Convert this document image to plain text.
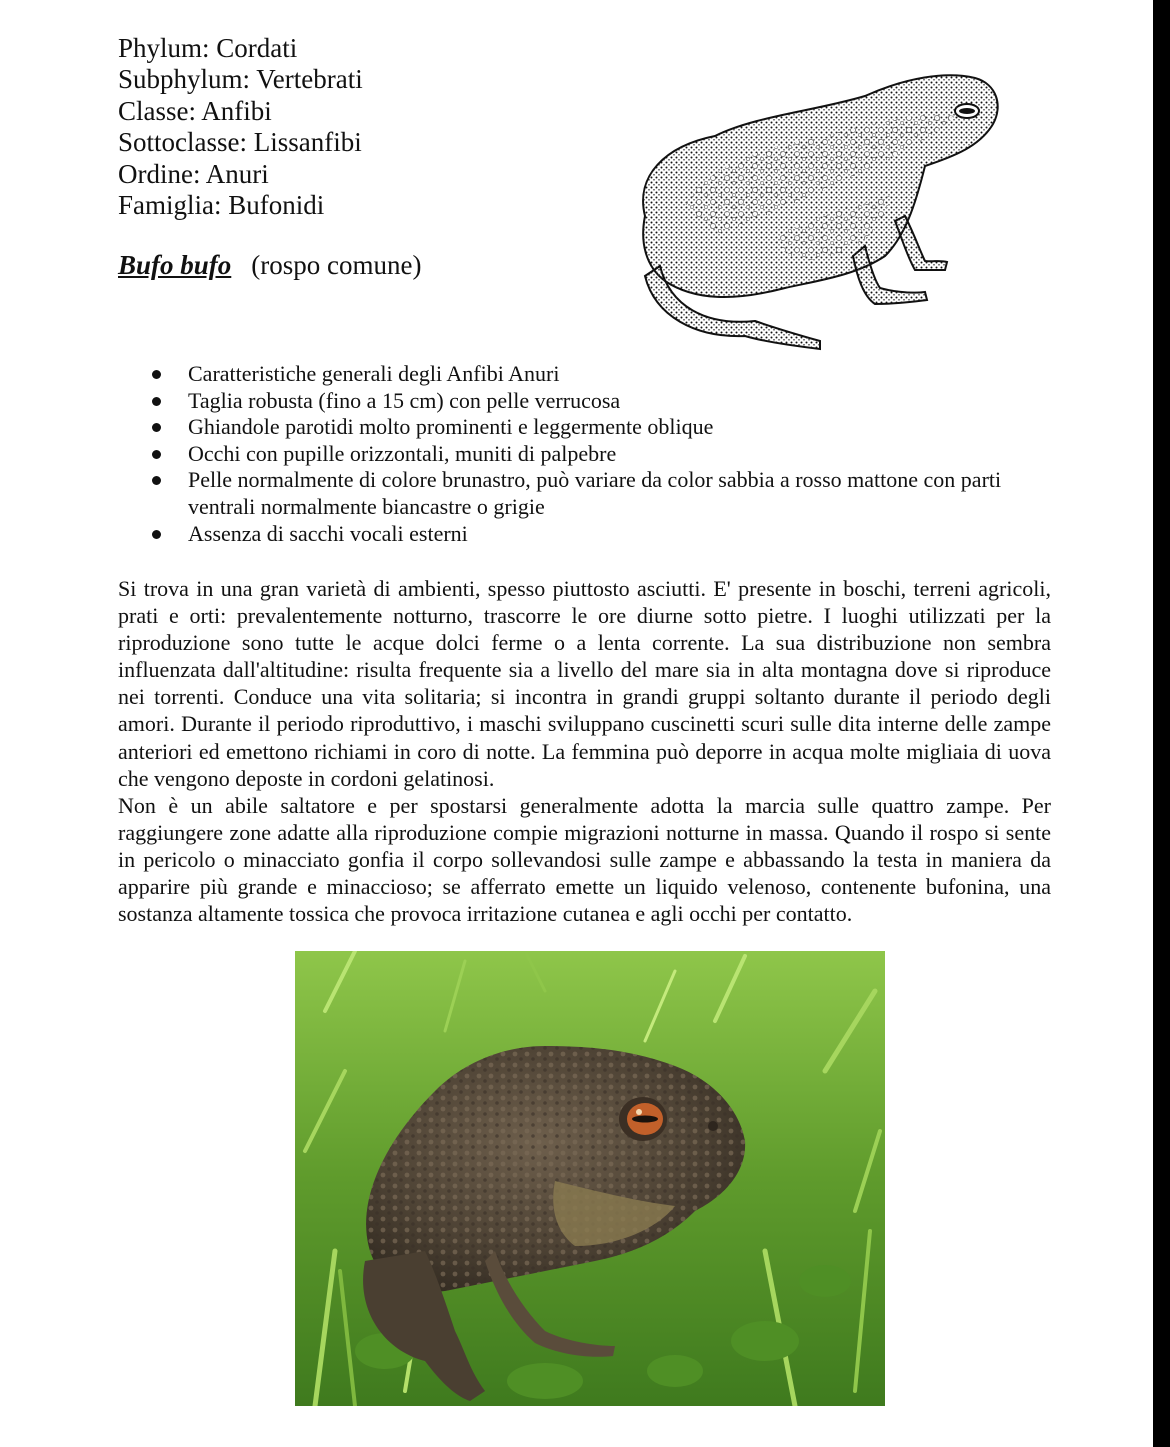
Phylum: Cordati
Subphylum: Vertebrati
Classe: Anfibi
Sottoclasse: Lissanfibi
Ordine: Anuri
Famiglia: Bufonidi
Bufo bufo (rospo comune)
Caratteristiche generali degli Anfibi Anuri
Taglia robusta (fino a 15 cm) con pelle verrucosa
Ghiandole parotidi molto prominenti e leggermente oblique
Occhi con pupille orizzontali, muniti di palpebre
Pelle normalmente di colore brunastro, può variare da color sabbia a rosso mattone con parti ventrali normalmente biancastre o grigie
Assenza di sacchi vocali esterni

Si trova in una gran varietà di ambienti, spesso piuttosto asciutti. E' presente in boschi, terreni agricoli, prati e orti: prevalentemente notturno, trascorre le ore diurne sotto pietre. I luoghi utilizzati per la riproduzione sono tutte le acque dolci ferme o a lenta corrente. La sua distribuzione non sembra influenzata dall'altitudine: risulta frequente sia a livello del mare sia in alta montagna dove si riproduce nei torrenti. Conduce una vita solitaria; si incontra in grandi gruppi soltanto durante il periodo degli amori. Durante il periodo riproduttivo, i maschi sviluppano cuscinetti scuri sulle dita interne delle zampe anteriori ed emettono richiami in coro di notte. La femmina può deporre in acqua molte migliaia di uova che vengono deposte in cordoni gelatinosi.

Non è un abile saltatore e per spostarsi generalmente adotta la marcia sulle quattro zampe. Per raggiungere zone adatte alla riproduzione compie migrazioni notturne in massa. Quando il rospo si sente in pericolo o minacciato gonfia il corpo sollevandosi sulle zampe e abbassando la testa in maniera da apparire più grande e minaccioso; se afferrato emette un liquido velenoso, contenente bufonina, una sostanza altamente tossica che provoca irritazione cutanea e agli occhi per contatto.
